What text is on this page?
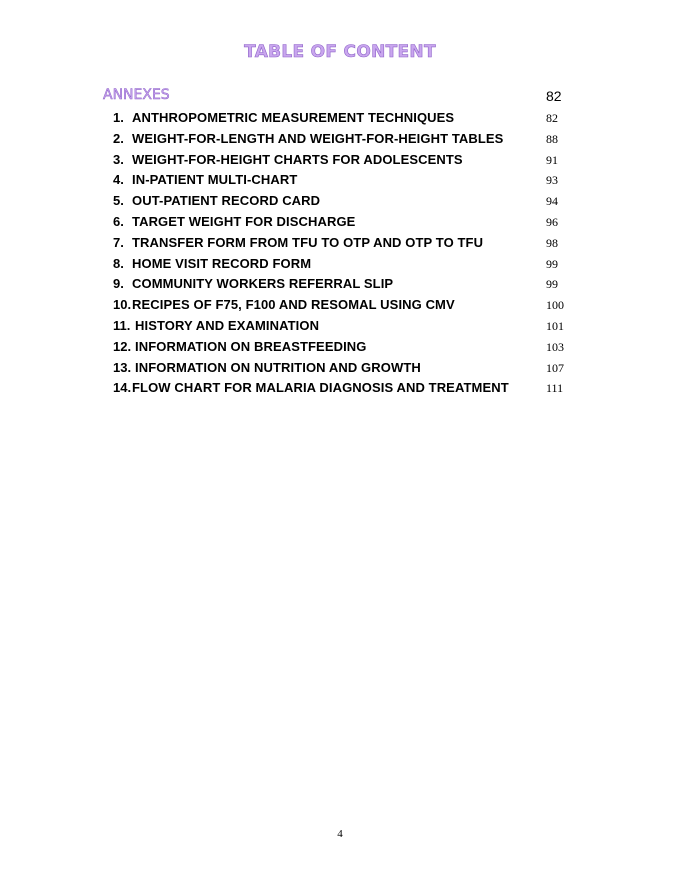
TABLE OF CONTENT
ANNEXES	82
1. ANTHROPOMETRIC MEASUREMENT TECHNIQUES	82
2. WEIGHT-FOR-LENGTH AND WEIGHT-FOR-HEIGHT TABLES	88
3. WEIGHT-FOR-HEIGHT CHARTS FOR ADOLESCENTS	91
4. IN-PATIENT MULTI-CHART	93
5. OUT-PATIENT RECORD CARD	94
6. TARGET WEIGHT FOR DISCHARGE	96
7. TRANSFER FORM FROM TFU TO OTP AND OTP TO TFU	98
8. HOME VISIT RECORD FORM	99
9. COMMUNITY WORKERS REFERRAL SLIP	99
10. RECIPES OF F75, F100 AND RESOMAL USING CMV	100
11. HISTORY AND EXAMINATION	101
12. INFORMATION ON BREASTFEEDING	103
13. INFORMATION ON NUTRITION AND GROWTH	107
14. FLOW CHART FOR MALARIA DIAGNOSIS AND TREATMENT	111
4
